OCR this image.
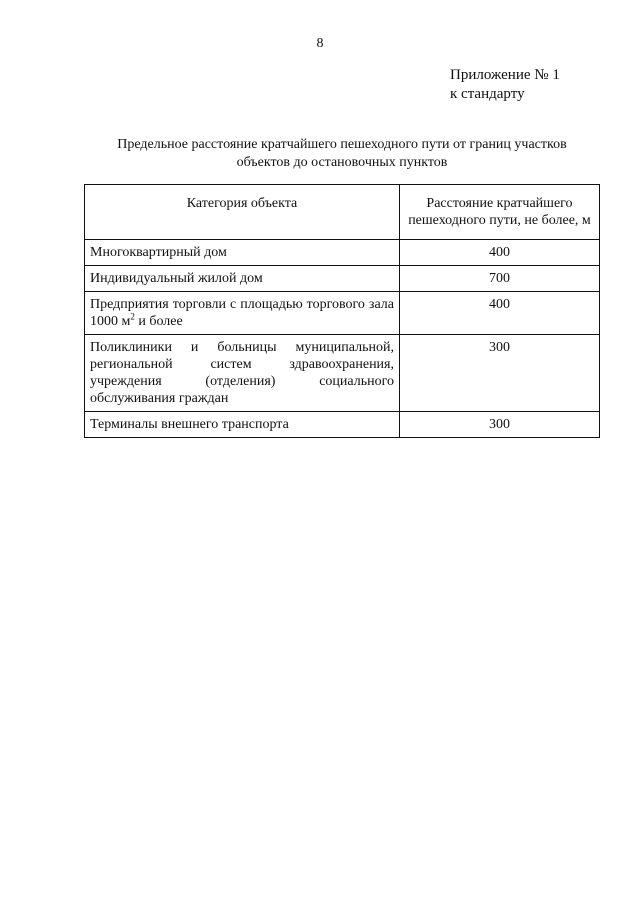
8
Приложение № 1
к стандарту
Предельное расстояние кратчайшего пешеходного пути от границ участков
объектов до остановочных пунктов
Категория объекта	Расстояние кратчайшего пешеходного пути, не более, м
Многоквартирный дом	400
Индивидуальный жилой дом	700
Предприятия торговли с площадью торгового зала 1000 $м^2$ и более	400
Поликлиники и больницы муниципальной, региональной систем здравоохранения, учреждения (отделения) социального обслуживания граждан	300
Терминалы внешнего транспорта	300
